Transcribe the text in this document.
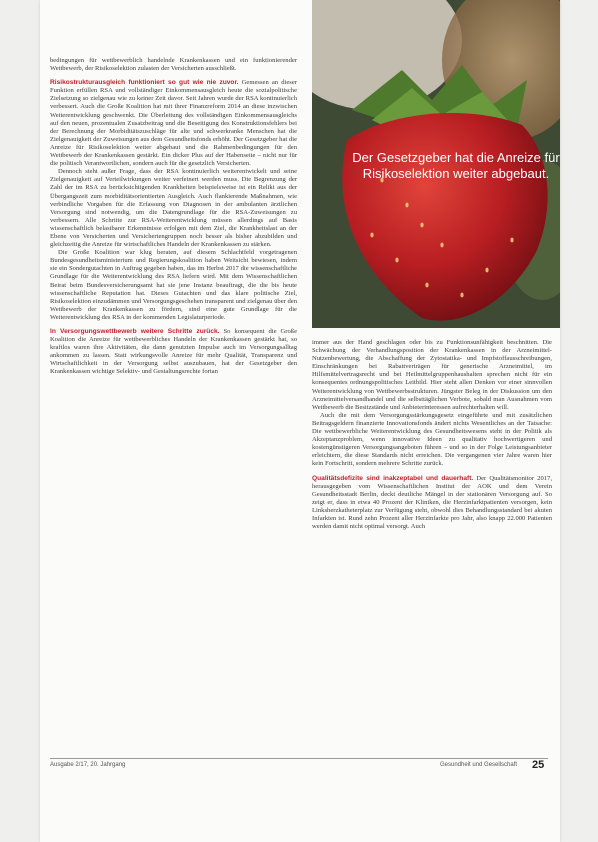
bedingungen für wettbewerblich handelnde Krankenkassen und ein funktionierender Wettbewerb, der Risikoselektion zulasten der Versicherten ausschließt.

Risikostrukturausgleich funktioniert so gut wie nie zuvor. Gemessen an dieser Funktion erfüllen RSA und vollständiger Einkommensausgleich heute die sozialpolitische Zielsetzung so zielgenau wie zu keiner Zeit davor. Seit Jahren wurde der RSA kontinuierlich verbessert. Auch die Große Koalition hat mit ihrer Finanzreform 2014 an diese inzwischen Weiterentwicklung geschwenkt. Die Überleitung des vollständigen Einkommensausgleichs auf den neuen, prozentualen Zusatzbeitrag und die Beseitigung des Konstruktionsfehlers bei der Berechnung der Morbiditätszuschläge für alte und schwerkranke Menschen hat die Zielgenauigkeit der Zuweisungen aus dem Gesundheitsfonds erhöht. Der Gesetzgeber hat die Anreize für Risikoselektion weiter abgebaut und die Rahmenbedingungen für den Wettbewerb der Krankenkassen gestärkt. Ein dicker Plus auf der Habenseite – nicht nur für die politisch Verantwortlichen, sondern auch für die gesetzlich Versicherten.

Dennoch steht außer Frage, dass der RSA kontinuierlich weiterentwickelt und seine Zielgenauigkeit auf Verteilwirkungen weiter verfeinert werden muss. Die Begrenzung der Zahl der im RSA zu berücksichtigenden Krankheiten beispielsweise ist ein Relikt aus der Übergangszeit zum morbiditätsorientierten Ausgleich. Auch flankierende Maßnahmen, wie verbindliche Vorgaben für die Erfassung von Diagnosen in der ambulanten ärztlichen Versorgung sind notwendig, um die Datengrundlage für die RSA-Zuweisungen zu verbessern. Alle Schritte zur RSA-Weiterentwicklung müssen allerdings auf Basis wissenschaftlich belastbarer Erkenntnisse erfolgen mit dem Ziel, die Krankheitslast an der Ebene von Versicherten und Versichertengruppen noch besser als bisher abzubilden und gleichzeitig die Anreize für wirtschaftliches Handeln der Krankenkassen zu stärken.

Die Große Koalition war klug beraten, auf diesem Schlachtfeld vorgetragenen Bundesgesundheitsministerium und Regierungskoalition haben Weitsicht bewiesen, indem sie ein Sondergutachten in Auftrag gegeben haben, das im Herbst 2017 die wissenschaftliche Grundlage für die Weiterentwicklung des RSA liefern wird. Mit dem Wissenschaftlichen Beirat beim Bundesversicherungsamt hat sie jene Instanz beauftragt, die die bis heute wissenschaftliche Reputation hat. Dieses Gutachten und das klare politische Ziel, Risikoselektion einzudämmen und Versorgungsgeschehen transparent und zielgenau über den Wettbewerb der Krankenkassen zu fördern, sind eine gute Grundlage für die Weiterentwicklung des RSA in der kommenden Legislaturperiode.

In Versorgungswettbewerb weitere Schritte zurück. So konsequent die Große Koalition die Anreize für wettbewerbliches Handeln der Krankenkassen gestärkt hat, so kraftlos waren ihre Aktivitäten, die dann genutzten Impulse auch im Versorgungsalltag ankommen zu lassen. Statt wirkungsvolle Anreize für mehr Qualität, Transparenz und Wirtschaftlichkeit in der Versorgung selbst auszubauen, hat der Gesetzgeber den Krankenkassen wichtige Selektiv- und Gestaltungsrechte fortan

Der Gesetzgeber hat die Anreize für Risikoselektion weiter abgebaut.

immer aus der Hand geschlagen oder bis zu Funktionsunfähigkeit beschnitten. Die Schwächung der Verhandlungsposition der Krankenkassen in der Arzneimittel-Nutzenbewertung, die Abschaffung der Zytostatika- und Impfstoffausschreibungen, Einschränkungen bei Rabattverträgen für generische Arzneimittel, im Hilfsmittelvertragsrecht und bei Heilmittelgruppenhaushalten sprechen nicht für ein konsequentes ordnungspolitisches Leitbild. Hier steht allen Denken vor einer sinnvollen Weiterentwicklung von Wettbewerbsstrukturen. Jüngster Beleg in der Diskussion um den Arzneimittelversandhandel und die selbsttäglichen Verbote, sobald man Ausnahmen vom Wettbewerb die Besitzstände und Anbieterinteressen aufrechterhalten will.

Auch die mit dem Versorgungsstärkungsgesetz eingeführte und mit zusätzlichen Beitragsgeldern finanzierte Innovationsfonds ändert nichts Wesentliches an der Tatsache: Die wettbewerbliche Weiterentwicklung des Gesundheitswesens steht in der Politik als Akzeptanzproblem, wenn innovative Ideen zu qualitativ hochwertigeren und kostengünstigeren Versorgungsangeboten führen – und so in der Folge Leistungsanbieter erleichtern, die diese Standards nicht erreichen. Die vergangenen vier Jahre waren hier kein Fortschritt, sondern mehrere Schritte zurück.

Qualitätsdefizite sind inakzeptabel und dauerhaft. Der Qualitätsmonitor 2017, herausgegeben vom Wissenschaftlichen Institut der AOK und dem Verein Gesundheitsstadt Berlin, deckt deutliche Mängel in der stationären Versorgung auf. So zeigt er, dass in etwa 40 Prozent der Kliniken, die Herzinfarktpatienten versorgen, kein Linksherzkatheterplatz zur Verfügung steht, obwohl dies Behandlungsstandard bei akuten Infarkten ist. Rund zehn Prozent aller Herzinfarkte pro Jahr, also knapp 22.000 Patienten werden damit nicht optimal versorgt. Auch

Ausgabe 2/17, 20. Jahrgang	Gesundheit und Gesellschaft 25
